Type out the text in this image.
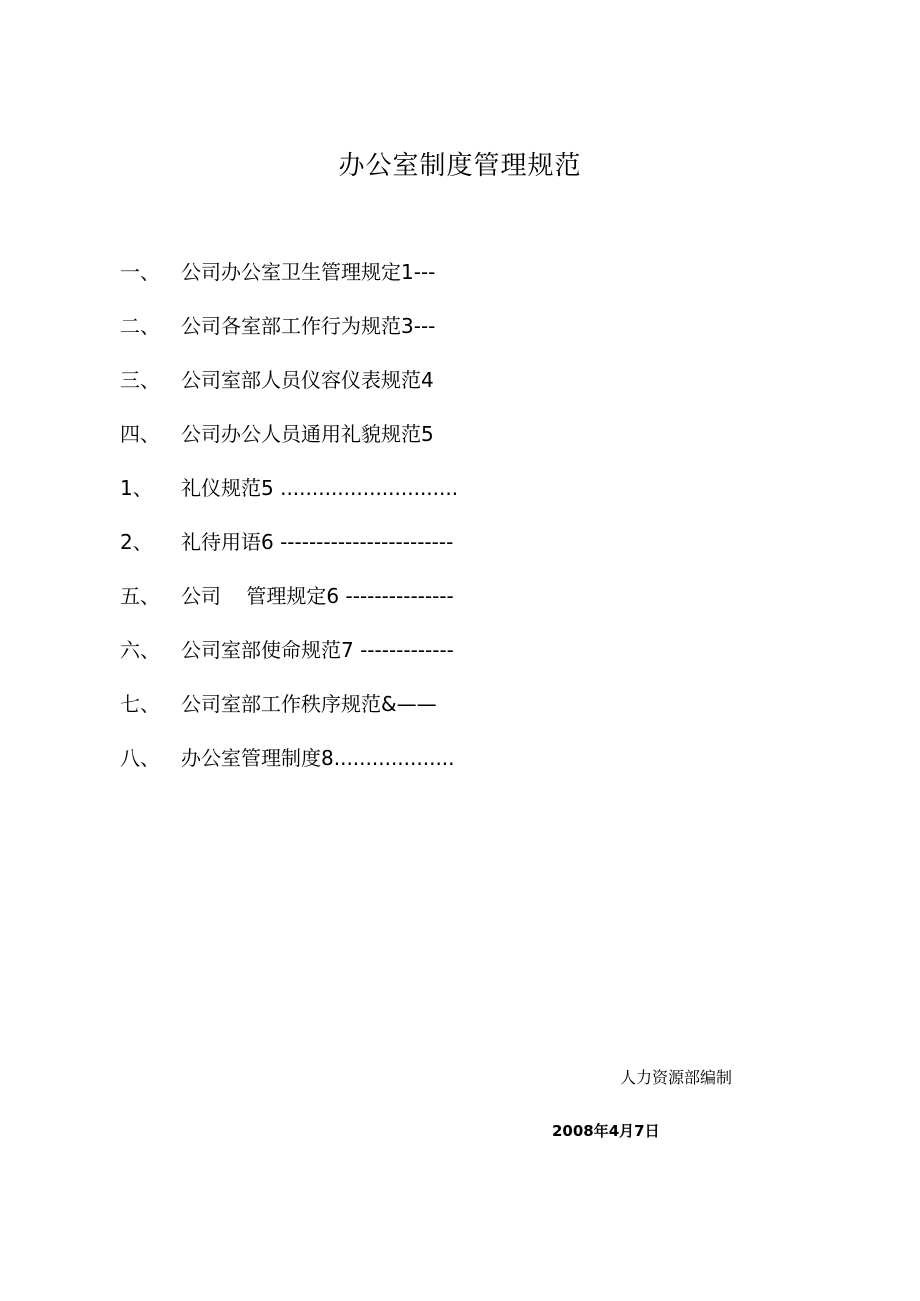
办公室制度管理规范
一、 公司办公室卫生管理规定1---
二、 公司各室部工作行为规范3---
三、 公司室部人员仪容仪表规范4
四、 公司办公人员通用礼貌规范5
1、 礼仪规范5 ............................
2、 礼待用语6 ------------------------
五、 公司    管理规定6 ---------------
六、 公司室部使命规范7 -------------
七、 公司室部工作秩序规范&——
八、 办公室管理制度8...................
人力资源部编制
2008年4月7日
